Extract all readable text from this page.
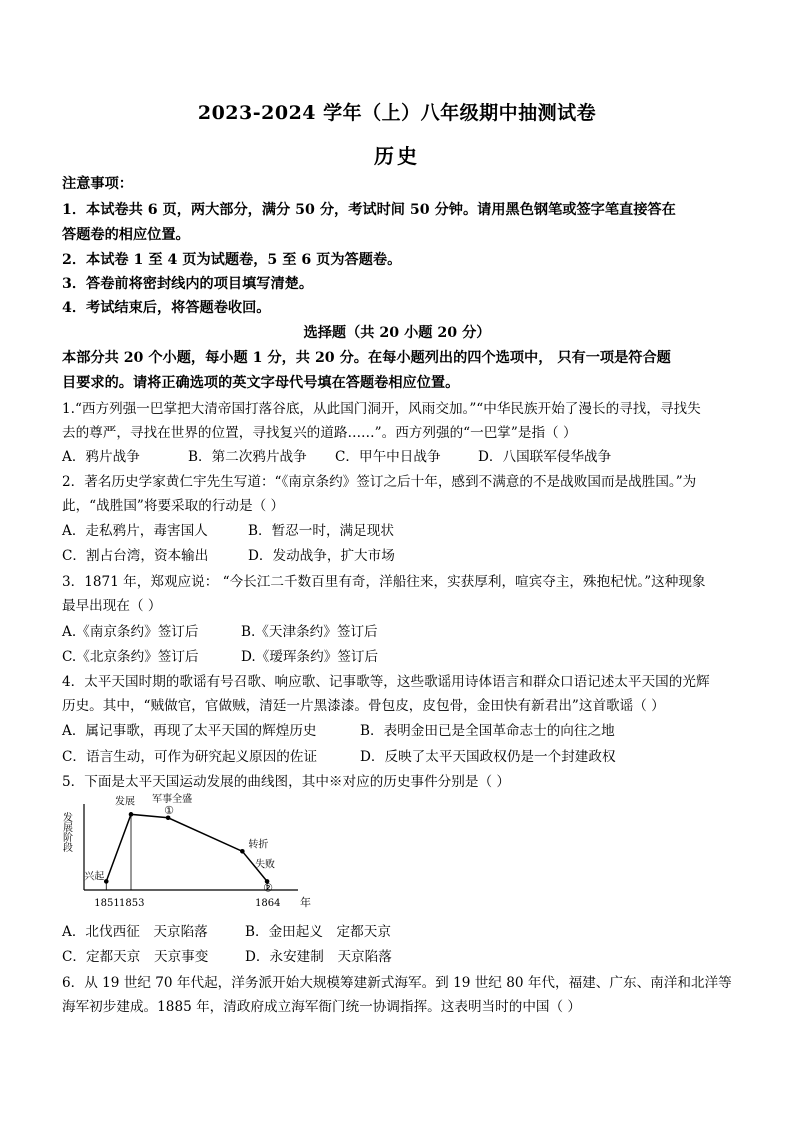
2023-2024 学年（上）八年级期中抽测试卷
历史
注意事项：
1．本试卷共 6 页，两大部分，满分 50 分，考试时间 50 分钟。请用黑色钢笔或签字笔直接答在
答题卷的相应位置。
2．本试卷 1 至 4 页为试题卷，5 至 6 页为答题卷。
3．答卷前将密封线内的项目填写清楚。
4．考试结束后，将答题卷收回。
选择题（共 20 小题 20 分）
本部分共 20 个小题，每小题 1 分，共 20 分。在每小题列出的四个选项中， 只有一项是符合题
目要求的。请将正确选项的英文字母代号填在答题卷相应位置。
1.“西方列强一巴掌把大清帝国打落谷底，从此国门洞开，风雨交加。”“中华民族开始了漫长的寻找，寻找失
去的尊严，寻找在世界的位置，寻找复兴的道路……”。西方列强的“一巴掌”是指（ ）
A．鸦片战争	B．第二次鸦片战争 C．甲午中日战争	D．八国联军侵华战争
2．著名历史学家黄仁宇先生写道：“《南京条约》签订之后十年，感到不满意的不是战败国而是战胜国。”为
此，“战胜国”将要采取的行动是（ ）
A．走私鸦片，毒害国人	B．暂忍一时，满足现状
C．割占台湾，资本输出	D．发动战争，扩大市场
3．1871 年，郑观应说： “今长江二千数百里有奇，洋船往来，实获厚利，喧宾夺主，殊抱杞忧。”这种现象
最早出现在（ ）
A.《南京条约》签订后	B.《天津条约》签订后
C.《北京条约》签订后	D.《瑷珲条约》签订后
4．太平天国时期的歌谣有号召歌、响应歌、记事歌等，这些歌谣用诗体语言和群众口语记述太平天国的光辉
历史。其中，“贼做官，官做贼，清廷一片黑漆漆。骨包皮，皮包骨，金田快有新君出”这首歌谣（ ）
A．属记事歌，再现了太平天国的辉煌历史	B．表明金田已是全国革命志士的向往之地
C．语言生动，可作为研究起义原因的佐证	D．反映了太平天国政权仍是一个封建政权
5．下面是太平天国运动发展的曲线图，其中※对应的历史事件分别是（ ）
发展阶段
年
1851 1853	1864
兴起
发展 军事全盛
①
转折
失败
②
A．北伐西征　天京陷落	B．金田起义　定都天京
C．定都天京　天京事变	D．永安建制　天京陷落
6．从 19 世纪 70 年代起，洋务派开始大规模筹建新式海军。到 19 世纪 80 年代，福建、广东、南洋和北洋等
海军初步建成。1885 年，清政府成立海军衙门统一协调指挥。这表明当时的中国（ ）
